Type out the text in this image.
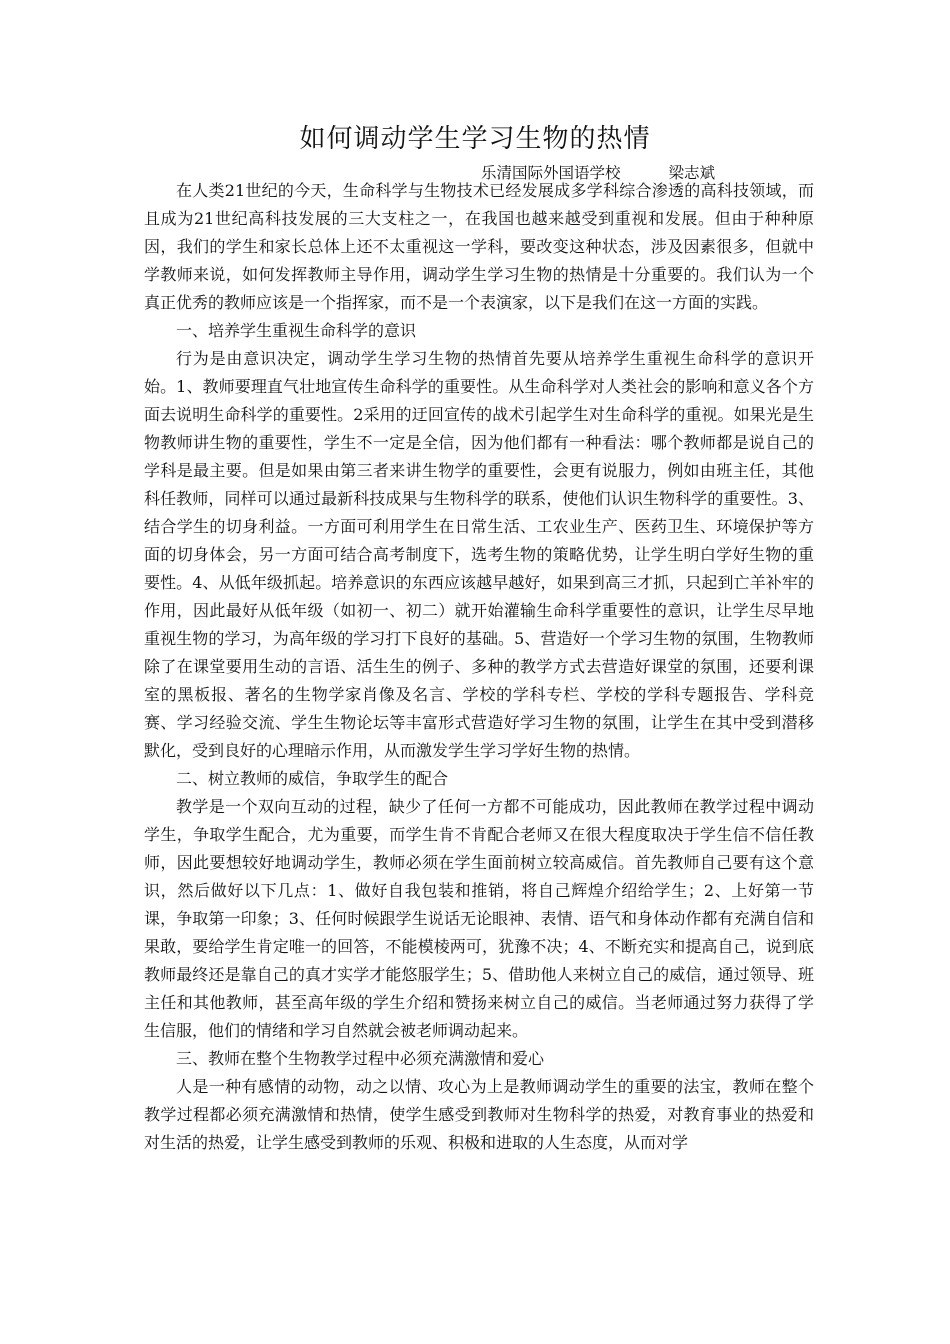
如何调动学生学习生物的热情
乐清国际外国语学校	梁志斌

在人类21世纪的今天，生命科学与生物技术已经发展成多学科综合渗透的高科技领域，而且成为21世纪高科技发展的三大支柱之一，在我国也越来越受到重视和发展。但由于种种原因，我们的学生和家长总体上还不太重视这一学科，要改变这种状态，涉及因素很多，但就中学教师来说，如何发挥教师主导作用，调动学生学习生物的热情是十分重要的。我们认为一个真正优秀的教师应该是一个指挥家，而不是一个表演家，以下是我们在这一方面的实践。

一、培养学生重视生命科学的意识

行为是由意识决定，调动学生学习生物的热情首先要从培养学生重视生命科学的意识开始。1、教师要理直气壮地宣传生命科学的重要性。从生命科学对人类社会的影响和意义各个方面去说明生命科学的重要性。2采用的迂回宣传的战术引起学生对生命科学的重视。如果光是生物教师讲生物的重要性，学生不一定是全信，因为他们都有一种看法：哪个教师都是说自己的学科是最主要。但是如果由第三者来讲生物学的重要性，会更有说服力，例如由班主任，其他科任教师，同样可以通过最新科技成果与生物科学的联系，使他们认识生物科学的重要性。3、结合学生的切身利益。一方面可利用学生在日常生活、工农业生产、医药卫生、环境保护等方面的切身体会，另一方面可结合高考制度下，选考生物的策略优势，让学生明白学好生物的重要性。4、从低年级抓起。培养意识的东西应该越早越好，如果到高三才抓，只起到亡羊补牢的作用，因此最好从低年级（如初一、初二）就开始灌输生命科学重要性的意识，让学生尽早地重视生物的学习，为高年级的学习打下良好的基础。5、营造好一个学习生物的氛围，生物教师除了在课堂要用生动的言语、活生生的例子、多种的教学方式去营造好课堂的氛围，还要利课室的黑板报、著名的生物学家肖像及名言、学校的学科专栏、学校的学科专题报告、学科竞赛、学习经验交流、学生生物论坛等丰富形式营造好学习生物的氛围，让学生在其中受到潜移默化，受到良好的心理暗示作用，从而激发学生学习学好生物的热情。

二、树立教师的威信，争取学生的配合

教学是一个双向互动的过程，缺少了任何一方都不可能成功，因此教师在教学过程中调动学生，争取学生配合，尤为重要，而学生肯不肯配合老师又在很大程度取决于学生信不信任教师，因此要想较好地调动学生，教师必须在学生面前树立较高威信。首先教师自己要有这个意识，然后做好以下几点：1、做好自我包装和推销，将自己辉煌介绍给学生；2、上好第一节课，争取第一印象；3、任何时候跟学生说话无论眼神、表情、语气和身体动作都有充满自信和果敢，要给学生肯定唯一的回答，不能模棱两可，犹豫不决；4、不断充实和提高自己，说到底教师最终还是靠自己的真才实学才能悠服学生；5、借助他人来树立自己的威信，通过领导、班主任和其他教师，甚至高年级的学生介绍和赞扬来树立自己的威信。当老师通过努力获得了学生信服，他们的情绪和学习自然就会被老师调动起来。

三、教师在整个生物教学过程中必须充满激情和爱心

人是一种有感情的动物，动之以情、攻心为上是教师调动学生的重要的法宝，教师在整个教学过程都必须充满激情和热情，使学生感受到教师对生物科学的热爱，对教育事业的热爱和对生活的热爱，让学生感受到教师的乐观、积极和进取的人生态度，从而对学
